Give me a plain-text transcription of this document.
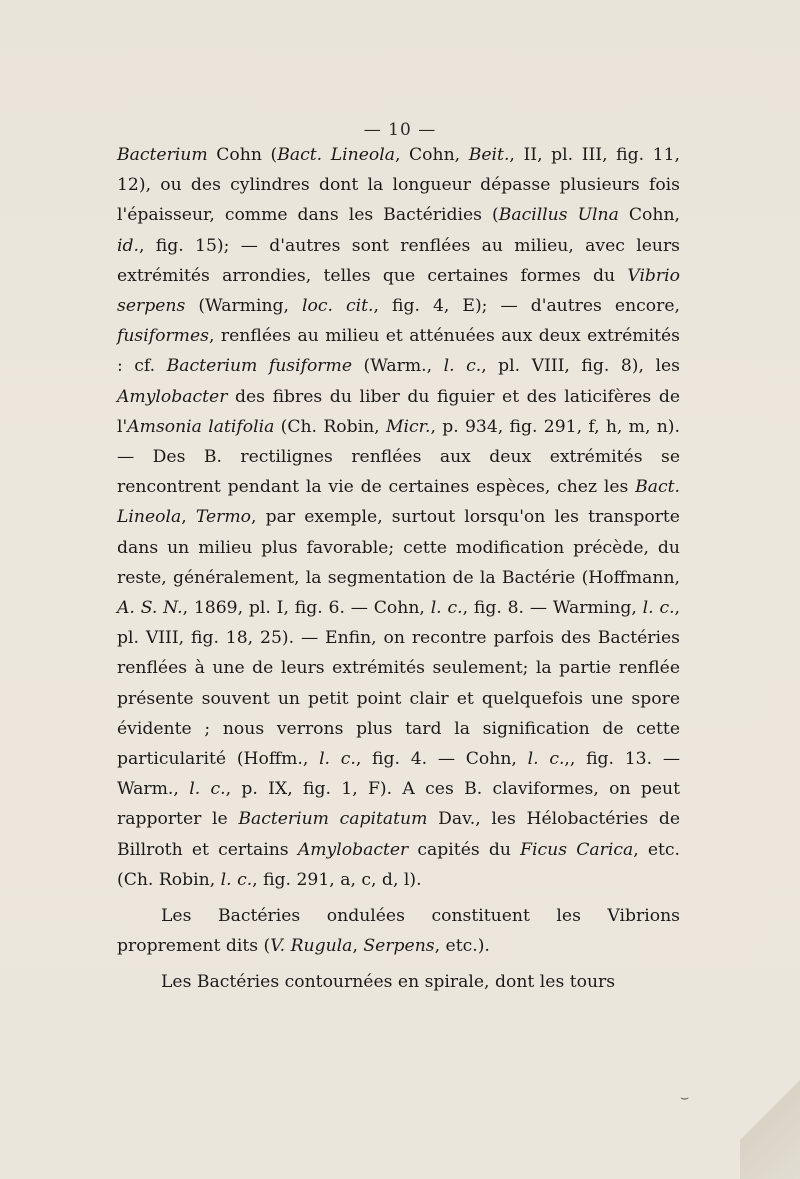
— 10 —

Bacterium Cohn (Bact. Lineola, Cohn, Beit., II, pl. III, fig. 11, 12), ou des cylindres dont la longueur dépasse plusieurs fois l'épaisseur, comme dans les Bactéridies (Bacillus Ulna Cohn, id., fig. 15); — d'autres sont renflées au milieu, avec leurs extrémités arrondies, telles que certaines formes du Vibrio serpens (Warming, loc. cit., fig. 4, E); — d'autres encore, fusiformes, renflées au milieu et atténuées aux deux extrémités : cf. Bacterium fusiforme (Warm., l. c., pl. VIII, fig. 8), les Amylobacter des fibres du liber du figuier et des laticifères de l'Amsonia latifolia (Ch. Robin, Micr., p. 934, fig. 291, f, h, m, n). — Des B. rectilignes renflées aux deux extrémités se rencontrent pendant la vie de certaines espèces, chez les Bact. Lineola, Termo, par exemple, surtout lorsqu'on les transporte dans un milieu plus favorable; cette modification précède, du reste, généralement, la segmentation de la Bactérie (Hoffmann, A. S. N., 1869, pl. I, fig. 6. — Cohn, l. c., fig. 8. — Warming, l. c., pl. VIII, fig. 18, 25). — Enfin, on recontre parfois des Bactéries renflées à une de leurs extrémités seulement; la partie renflée présente souvent un petit point clair et quelquefois une spore évidente ; nous verrons plus tard la signification de cette particularité (Hoffm., l. c., fig. 4. — Cohn, l. c.,, fig. 13. — Warm., l. c., p. IX, fig. 1, F). A ces B. claviformes, on peut rapporter le Bacterium capitatum Dav., les Hélobactéries de Billroth et certains Amylobacter capités du Ficus Carica, etc. (Ch. Robin, l. c., fig. 291, a, c, d, l).

Les Bactéries ondulées constituent les Vibrions proprement dits (V. Rugula, Serpens, etc.).

Les Bactéries contournées en spirale, dont les tours

⌣
